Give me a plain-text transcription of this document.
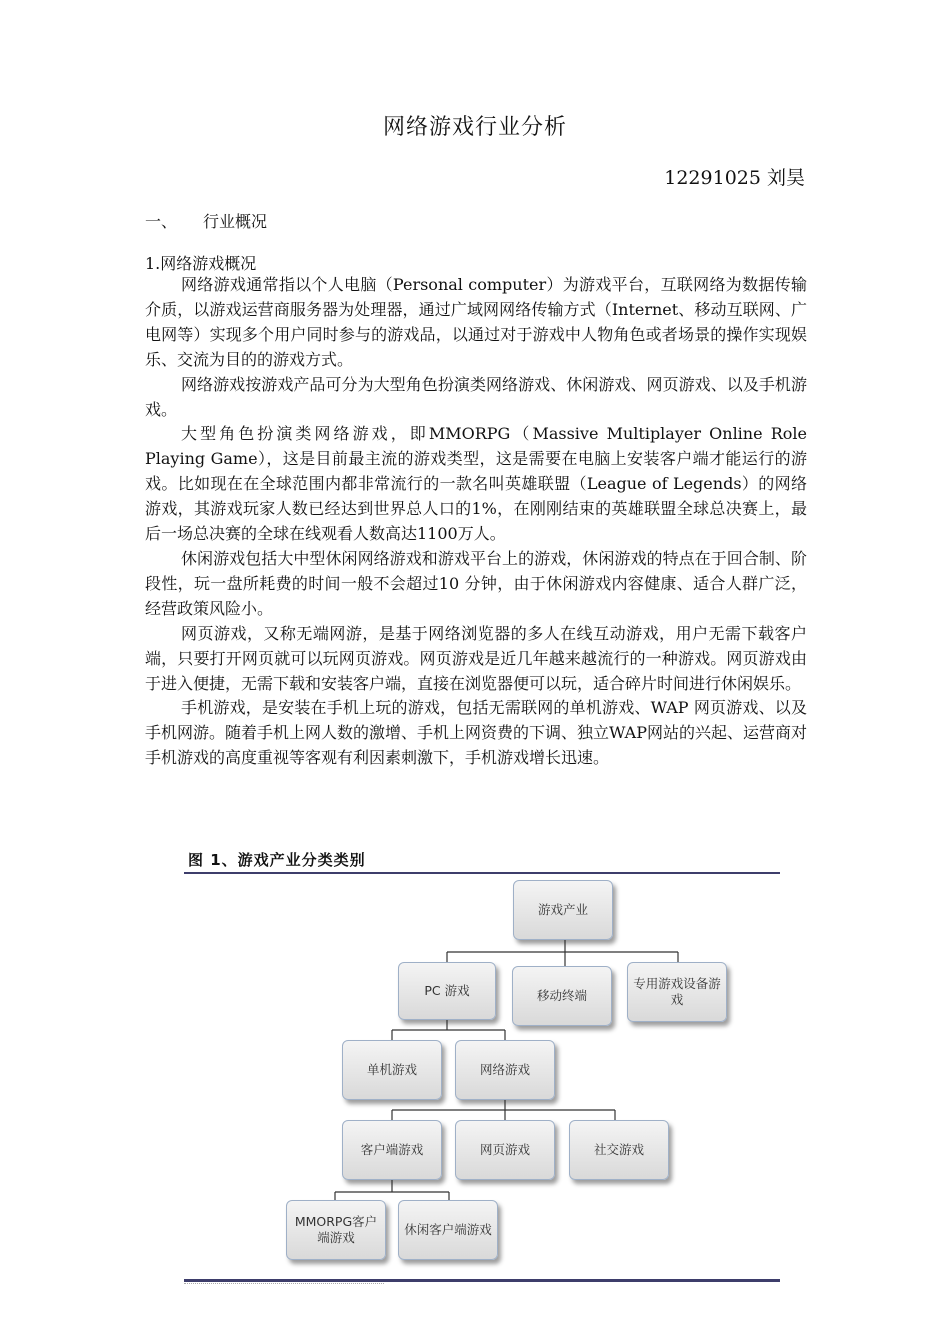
网络游戏行业分析
12291025 刘昊
一、 行业概况
1.网络游戏概况

网络游戏通常指以个人电脑（Personal computer）为游戏平台，互联网络为数据传输介质，以游戏运营商服务器为处理器，通过广域网网络传输方式（Internet、移动互联网、广电网等）实现多个用户同时参与的游戏品，以通过对于游戏中人物角色或者场景的操作实现娱乐、交流为目的的游戏方式。

网络游戏按游戏产品可分为大型角色扮演类网络游戏、休闲游戏、网页游戏、以及手机游戏。

大型角色扮演类网络游戏，即MMORPG（Massive Multiplayer Online Role Playing Game），这是目前最主流的游戏类型，这是需要在电脑上安装客户端才能运行的游戏。比如现在在全球范围内都非常流行的一款名叫英雄联盟（League of Legends）的网络游戏，其游戏玩家人数已经达到世界总人口的1%，在刚刚结束的英雄联盟全球总决赛上，最后一场总决赛的全球在线观看人数高达1100万人。

休闲游戏包括大中型休闲网络游戏和游戏平台上的游戏，休闲游戏的特点在于回合制、阶段性，玩一盘所耗费的时间一般不会超过10 分钟，由于休闲游戏内容健康、适合人群广泛，经营政策风险小。

网页游戏，又称无端网游，是基于网络浏览器的多人在线互动游戏，用户无需下载客户端，只要打开网页就可以玩网页游戏。网页游戏是近几年越来越流行的一种游戏。网页游戏由于进入便捷，无需下载和安装客户端，直接在浏览器便可以玩，适合碎片时间进行休闲娱乐。

手机游戏，是安装在手机上玩的游戏，包括无需联网的单机游戏、WAP 网页游戏、以及手机网游。随着手机上网人数的激增、手机上网资费的下调、独立WAP网站的兴起、运营商对手机游戏的高度重视等客观有利因素刺激下，手机游戏增长迅速。

图 1、游戏产业分类类别
游戏产业
PC 游戏	移动终端
专用游戏设备游戏
单机游戏	网络游戏
客户端游戏	网页游戏	社交游戏
MMORPG客户端游戏
休闲客户端游戏
